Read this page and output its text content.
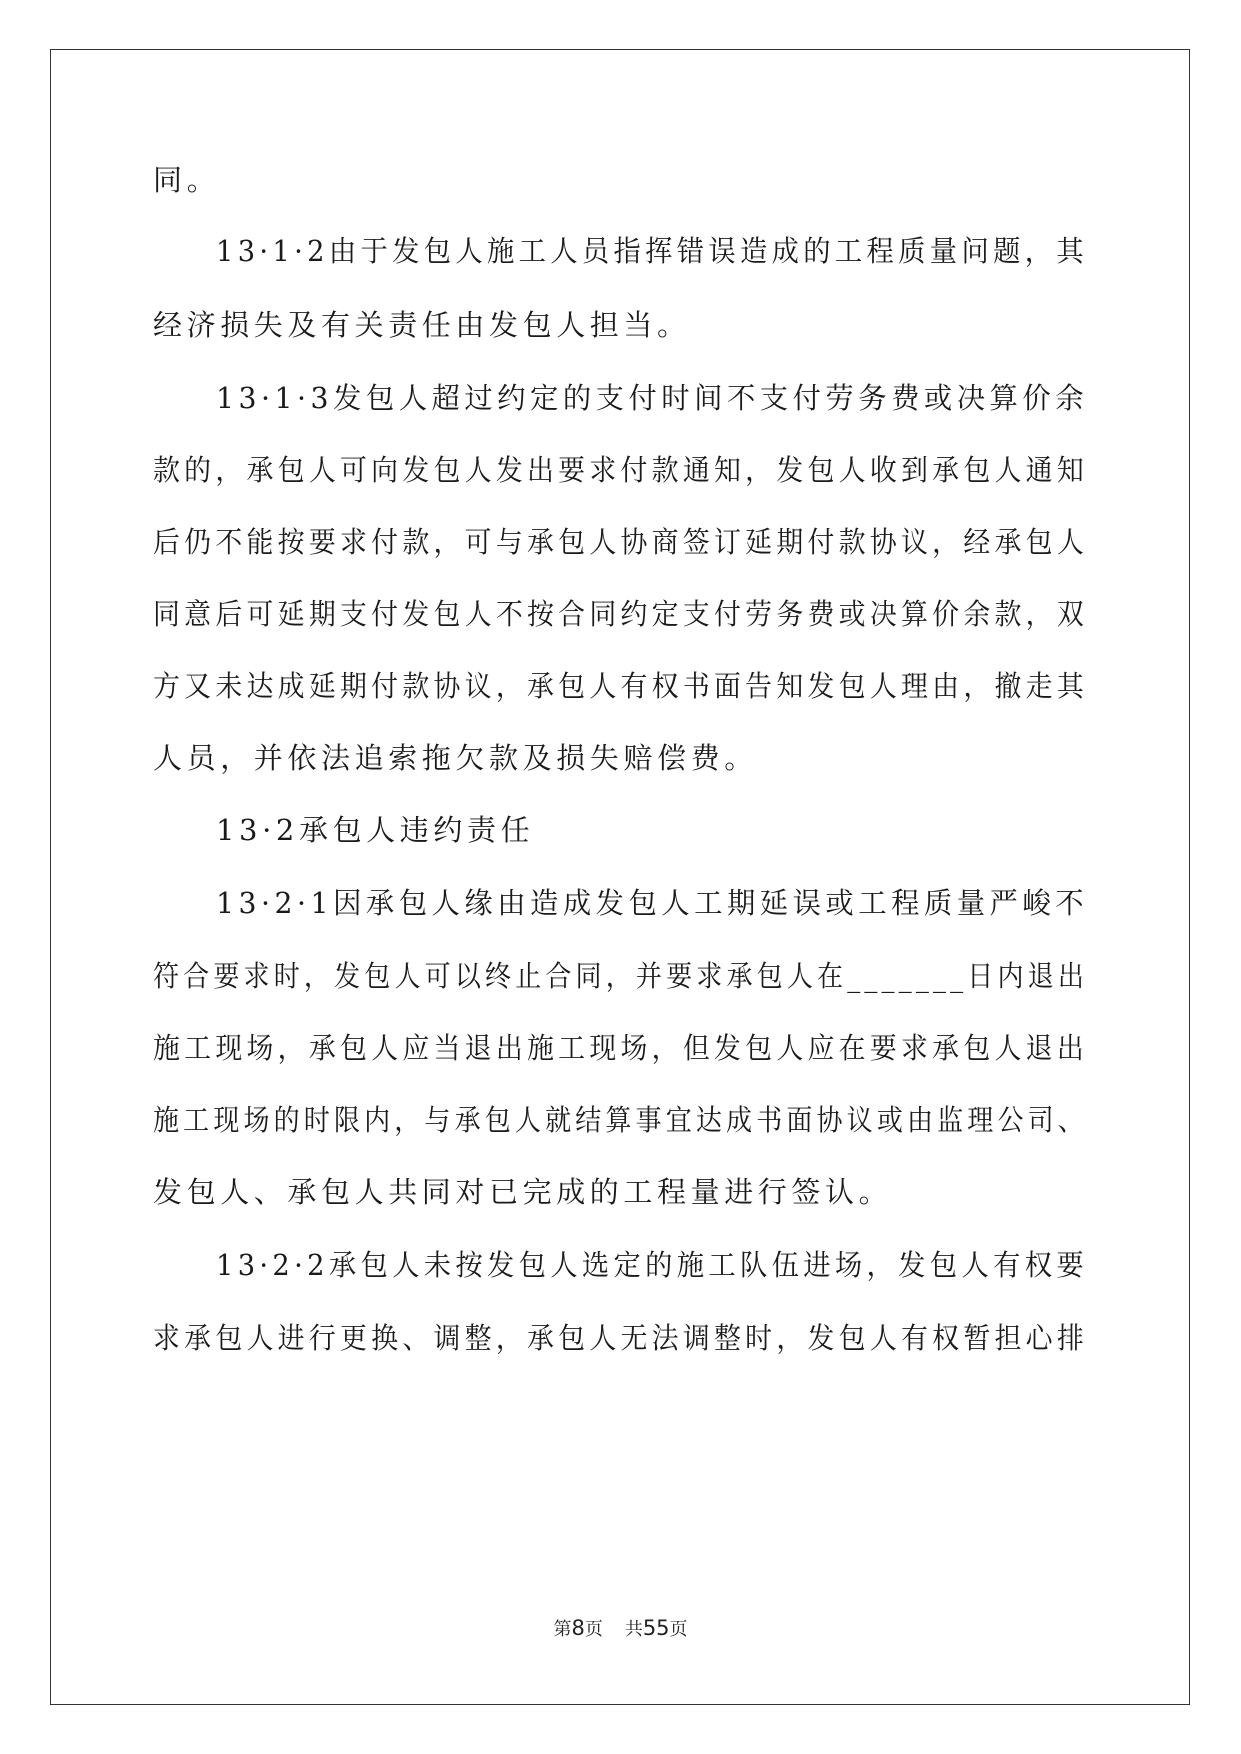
同。
13·1·2由于发包人施工人员指挥错误造成的工程质量问题，其
经济损失及有关责任由发包人担当。
13·1·3发包人超过约定的支付时间不支付劳务费或决算价余
款的，承包人可向发包人发出要求付款通知，发包人收到承包人通知
后仍不能按要求付款，可与承包人协商签订延期付款协议，经承包人
同意后可延期支付发包人不按合同约定支付劳务费或决算价余款，双
方又未达成延期付款协议，承包人有权书面告知发包人理由，撤走其
人员，并依法追索拖欠款及损失赔偿费。
13·2承包人违约责任
13·2·1因承包人缘由造成发包人工期延误或工程质量严峻不
符合要求时，发包人可以终止合同，并要求承包人在_______日内退出
施工现场，承包人应当退出施工现场，但发包人应在要求承包人退出
施工现场的时限内，与承包人就结算事宜达成书面协议或由监理公司、
发包人、承包人共同对已完成的工程量进行签认。
13·2·2承包人未按发包人选定的施工队伍进场，发包人有权要
求承包人进行更换、调整，承包人无法调整时，发包人有权暂担心排
第8页 共55页
